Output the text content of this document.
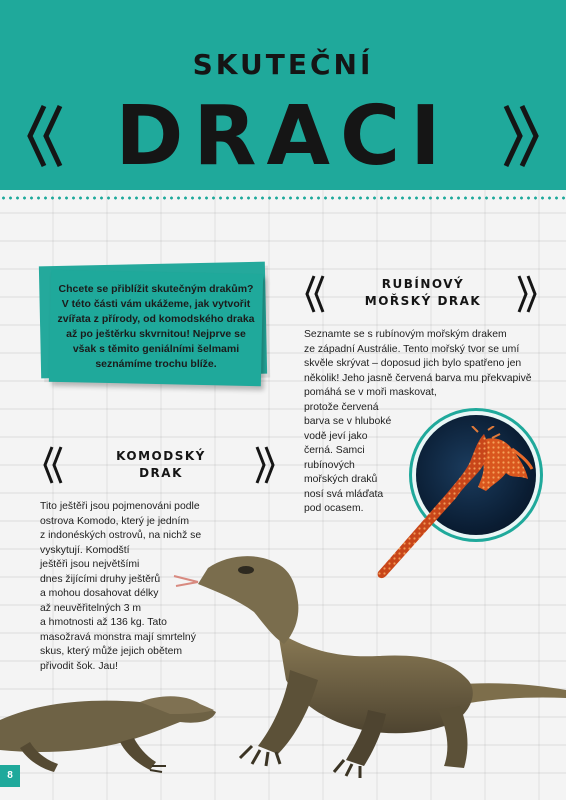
SKUTEČNÍ
DRACI
Chcete se přiblížit skutečným drakům? V této části vám ukážeme, jak vytvořit zvířata z přírody, od komodského draka až po ještěrku skvrnitou! Nejprve se však s těmito geniálními šelmami seznámíme trochu blíže.
RUBÍNOVÝ
MOŘSKÝ DRAK
Seznamte se s rubínovým mořským drakem
ze západní Austrálie. Tento mořský tvor se umí
skvěle skrývat – doposud jich bylo spatřeno jen
několik! Jeho jasně červená barva mu překvapivě
pomáhá se v moři maskovat,
protože červená
barva se v hluboké
vodě jeví jako
černá. Samci
rubínových
mořských draků
nosí svá mláďata
pod ocasem.
KOMODSKÝ
DRAK
Tito ještěři jsou pojmenováni podle
ostrova Komodo, který je jedním
z indonéských ostrovů, na nichž se
vyskytují. Komodští
ještěři jsou největšími
dnes žijícími druhy ještěrů
a mohou dosahovat délky
až neuvěřitelných 3 m
a hmotnosti až 136 kg. Tato
masožravá monstra mají smrtelný
skus, který může jejich obětem
přivodit šok. Jau!
8
